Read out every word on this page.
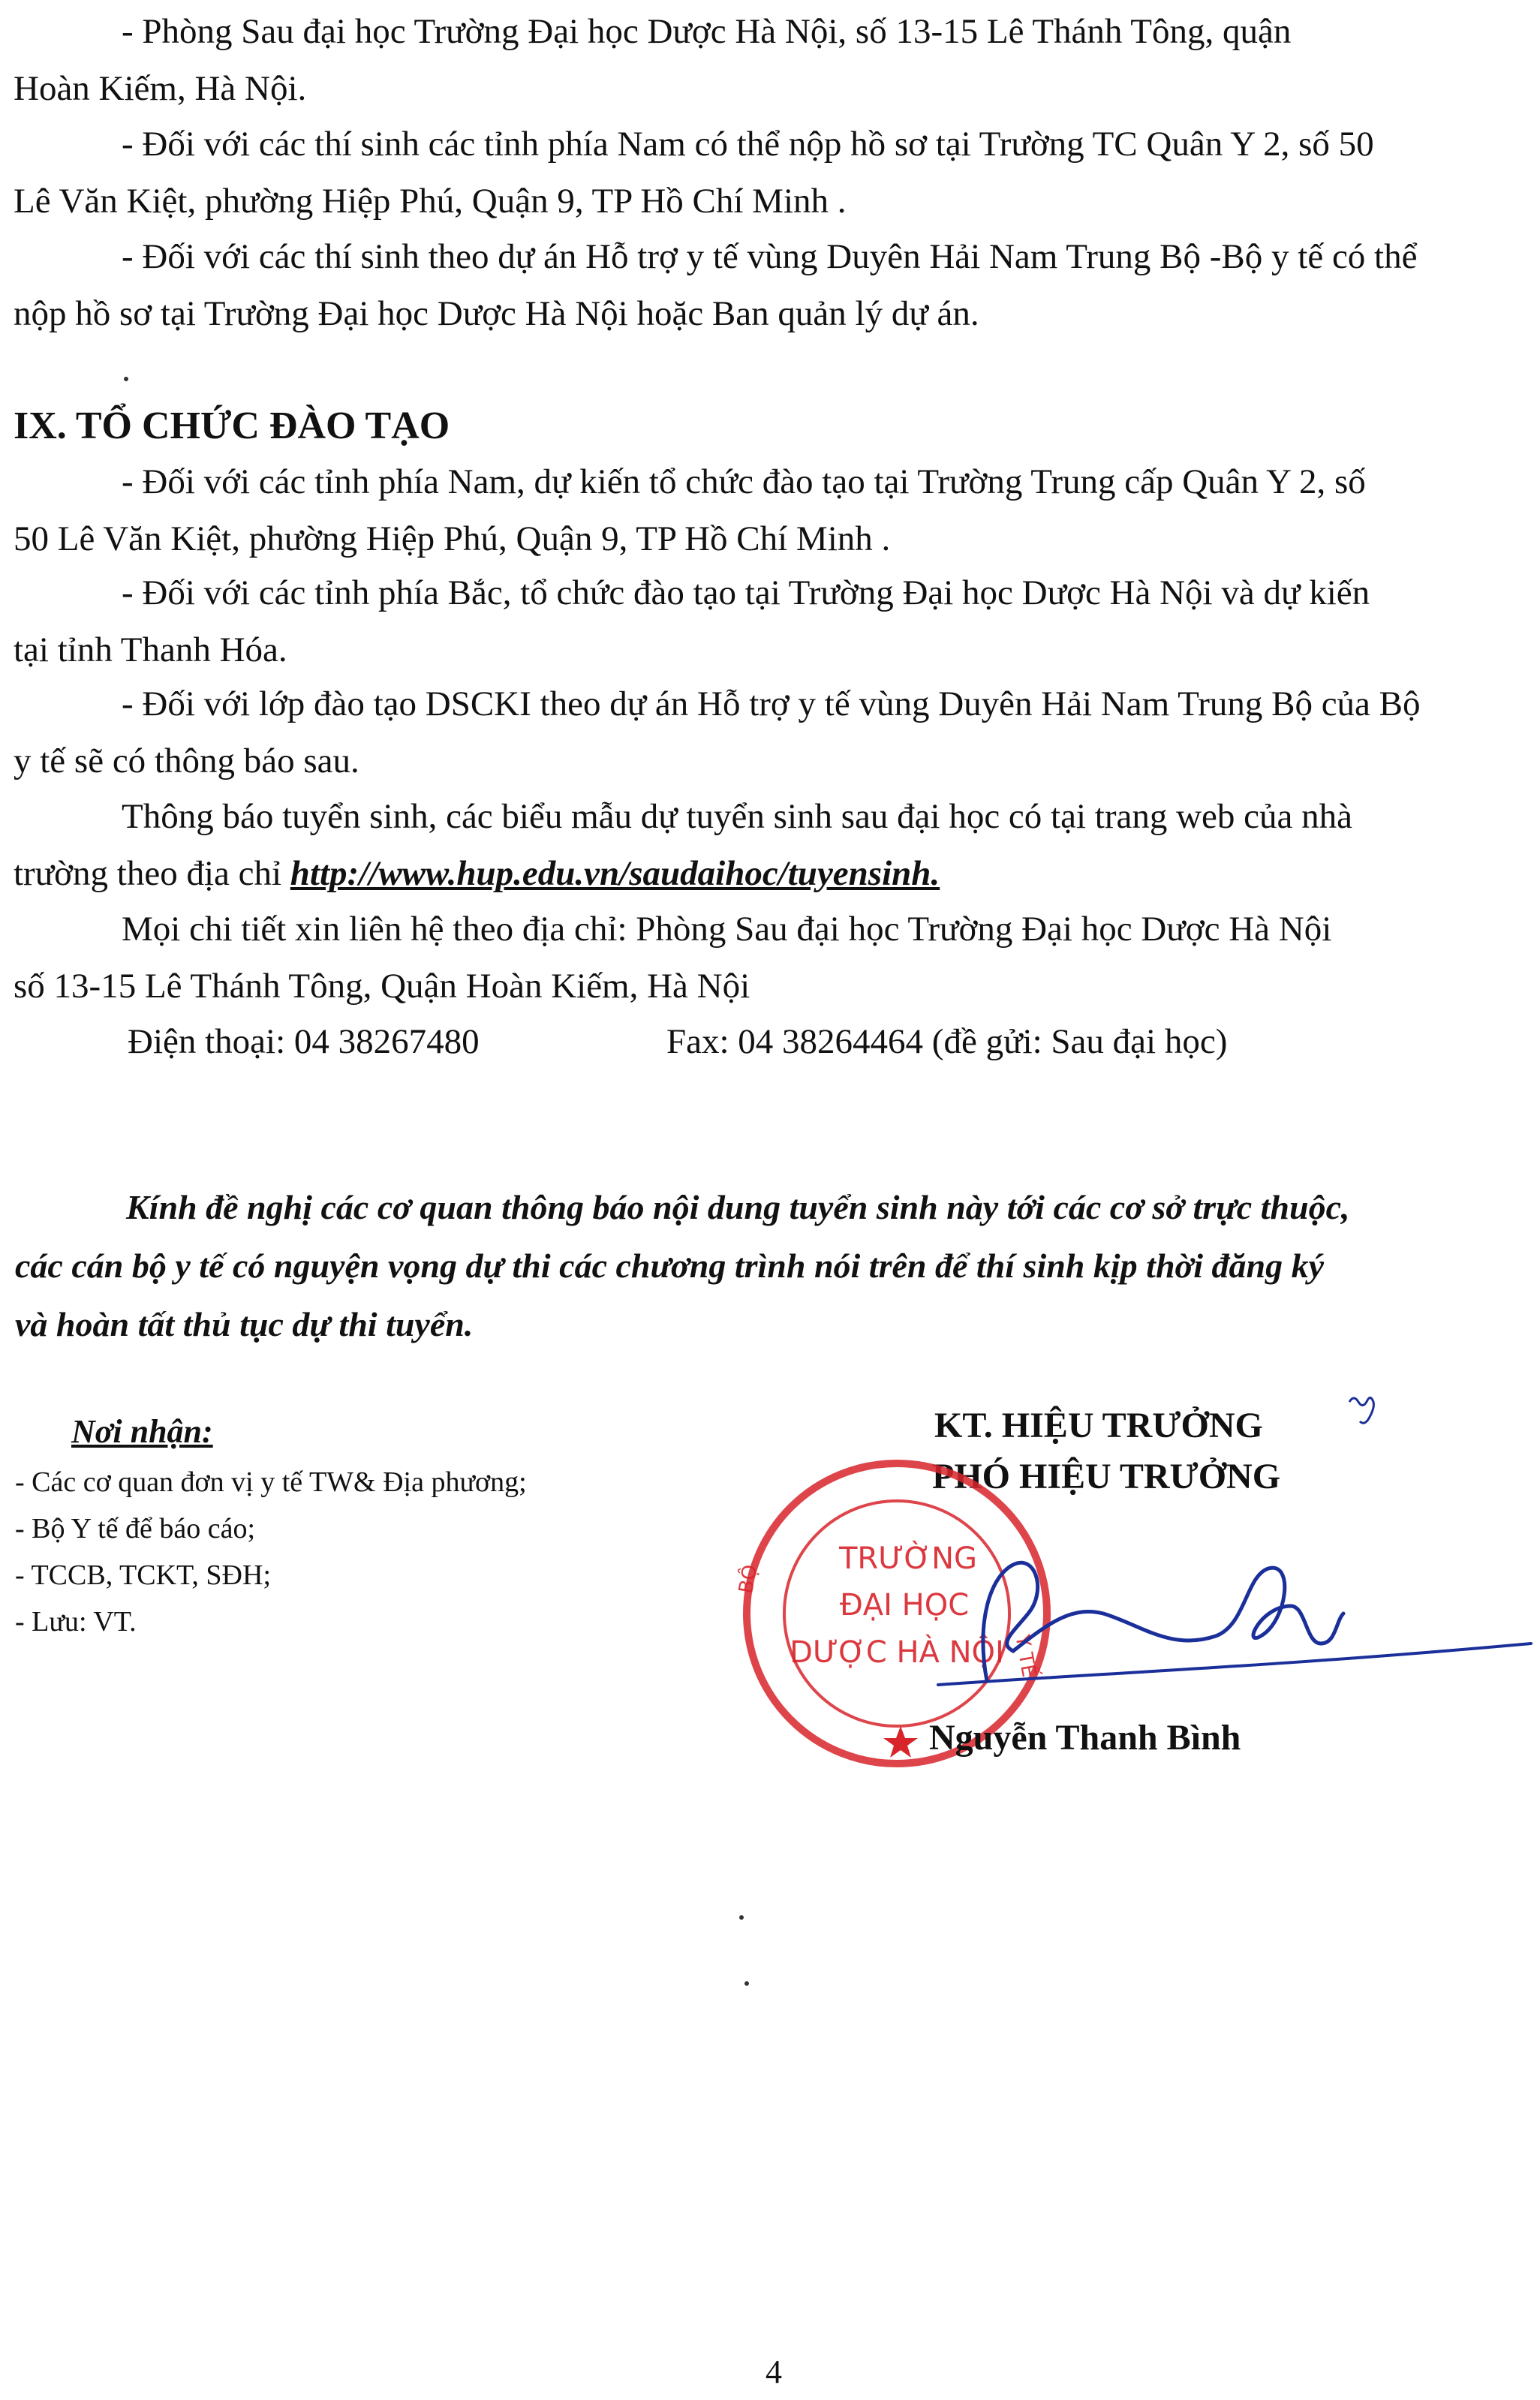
- Phòng Sau đại học Trường Đại học Dược Hà Nội, số 13-15 Lê Thánh Tông, quận

Hoàn Kiếm, Hà Nội.

- Đối với các thí sinh các tỉnh phía Nam có thể nộp hồ sơ tại Trường TC Quân Y 2, số 50

Lê Văn Kiệt, phường Hiệp Phú, Quận 9, TP Hồ Chí Minh .

- Đối với các thí sinh theo dự án Hỗ trợ y tế vùng Duyên Hải Nam Trung Bộ -Bộ y tế có thể

nộp hồ sơ tại Trường Đại học Dược Hà Nội hoặc Ban quản lý dự án.

IX. TỔ CHỨC ĐÀO TẠO

- Đối với các tỉnh phía Nam, dự kiến tổ chức đào tạo tại Trường Trung cấp Quân Y 2, số

50 Lê Văn Kiệt, phường Hiệp Phú, Quận 9, TP Hồ Chí Minh .

- Đối với các tỉnh phía Bắc, tổ chức đào tạo tại Trường Đại học Dược Hà Nội và dự kiến

tại tỉnh Thanh Hóa.

- Đối với lớp đào tạo DSCKI theo dự án Hỗ trợ y tế vùng Duyên Hải Nam Trung Bộ của Bộ

y tế sẽ có thông báo sau.

Thông báo tuyển sinh, các biểu mẫu dự tuyển sinh sau đại học có tại trang web của nhà

trường theo địa chỉ http://www.hup.edu.vn/saudaihoc/tuyensinh.

Mọi chi tiết xin liên hệ theo địa chỉ: Phòng Sau đại học Trường Đại học Dược Hà Nội

số 13-15 Lê Thánh Tông, Quận Hoàn Kiếm, Hà Nội

Điện thoại: 04 38267480	Fax: 04 38264464 (đề gửi: Sau đại học)

Kính đề nghị các cơ quan thông báo nội dung tuyển sinh này tới các cơ sở trực thuộc,

các cán bộ y tế có nguyện vọng dự thi các chương trình nói trên để thí sinh kịp thời đăng ký

và hoàn tất thủ tục dự thi tuyển.

Nơi nhận:

- Các cơ quan đơn vị y tế TW& Địa phương;
- Bộ Y tế để báo cáo;
- TCCB, TCKT, SĐH;
- Lưu: VT.

KT. HIỆU TRƯỞNG

PHÓ HIỆU TRƯỞNG

TRƯỜNG
ĐẠI HỌC
DƯỢC HÀ NỘI
BỘ
Y TẾ

Nguyễn Thanh Bình

4
